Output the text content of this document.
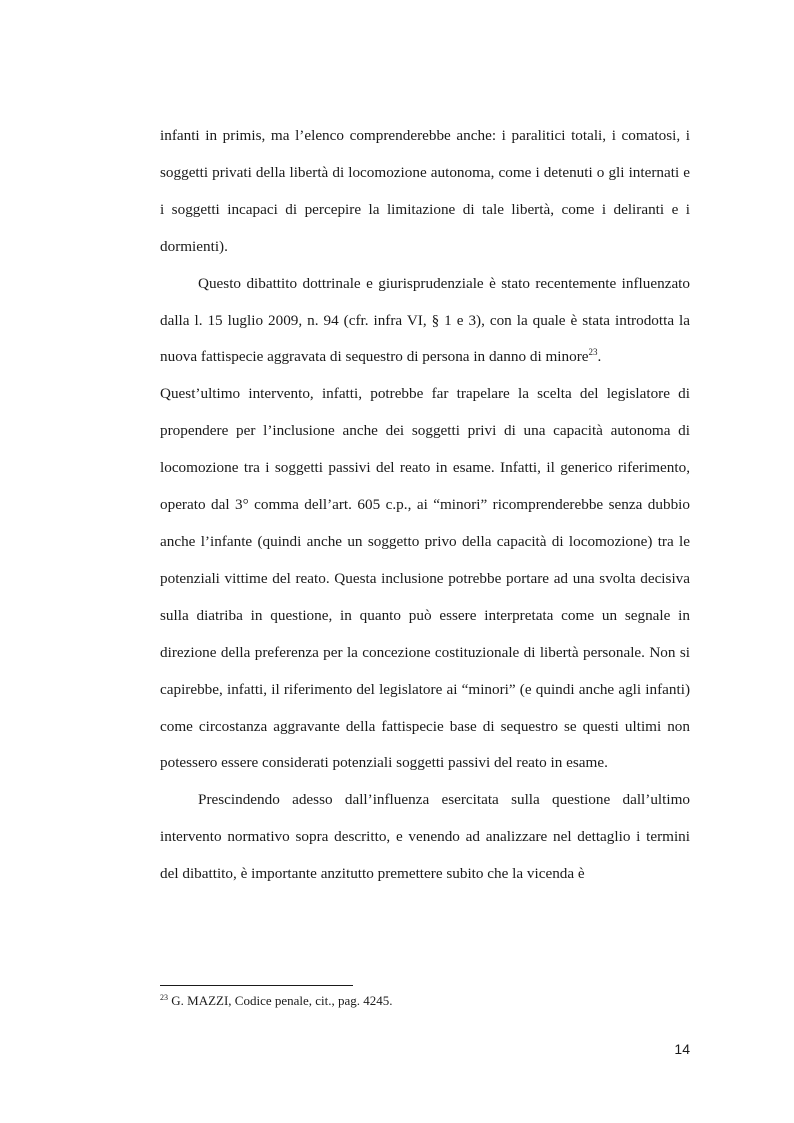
infanti in primis, ma l’elenco comprenderebbe anche: i paralitici totali, i comatosi, i soggetti privati della libertà di locomozione autonoma, come i detenuti o gli internati e i soggetti incapaci di percepire la limitazione di tale libertà, come i deliranti e i dormienti).

Questo dibattito dottrinale e giurisprudenziale è stato recentemente influenzato dalla l. 15 luglio 2009, n. 94 (cfr. infra VI, § 1 e 3), con la quale è stata introdotta la nuova fattispecie aggravata di sequestro di persona in danno di minore$^{23}$.

Quest’ultimo intervento, infatti, potrebbe far trapelare la scelta del legislatore di propendere per l’inclusione anche dei soggetti privi di una capacità autonoma di locomozione tra i soggetti passivi del reato in esame. Infatti, il generico riferimento, operato dal 3° comma dell’art. 605 c.p., ai “minori” ricomprenderebbe senza dubbio anche l’infante (quindi anche un soggetto privo della capacità di locomozione) tra le potenziali vittime del reato. Questa inclusione potrebbe portare ad una svolta decisiva sulla diatriba in questione, in quanto può essere interpretata come un segnale in direzione della preferenza per la concezione costituzionale di libertà personale. Non si capirebbe, infatti, il riferimento del legislatore ai “minori” (e quindi anche agli infanti) come circostanza aggravante della fattispecie base di sequestro se questi ultimi non potessero essere considerati potenziali soggetti passivi del reato in esame.

Prescindendo adesso dall’influenza esercitata sulla questione dall’ultimo intervento normativo sopra descritto, e venendo ad analizzare nel dettaglio i termini del dibattito, è importante anzitutto premettere subito che la vicenda è

$^{23}$ G. MAZZI, Codice penale, cit., pag. 4245.
14
